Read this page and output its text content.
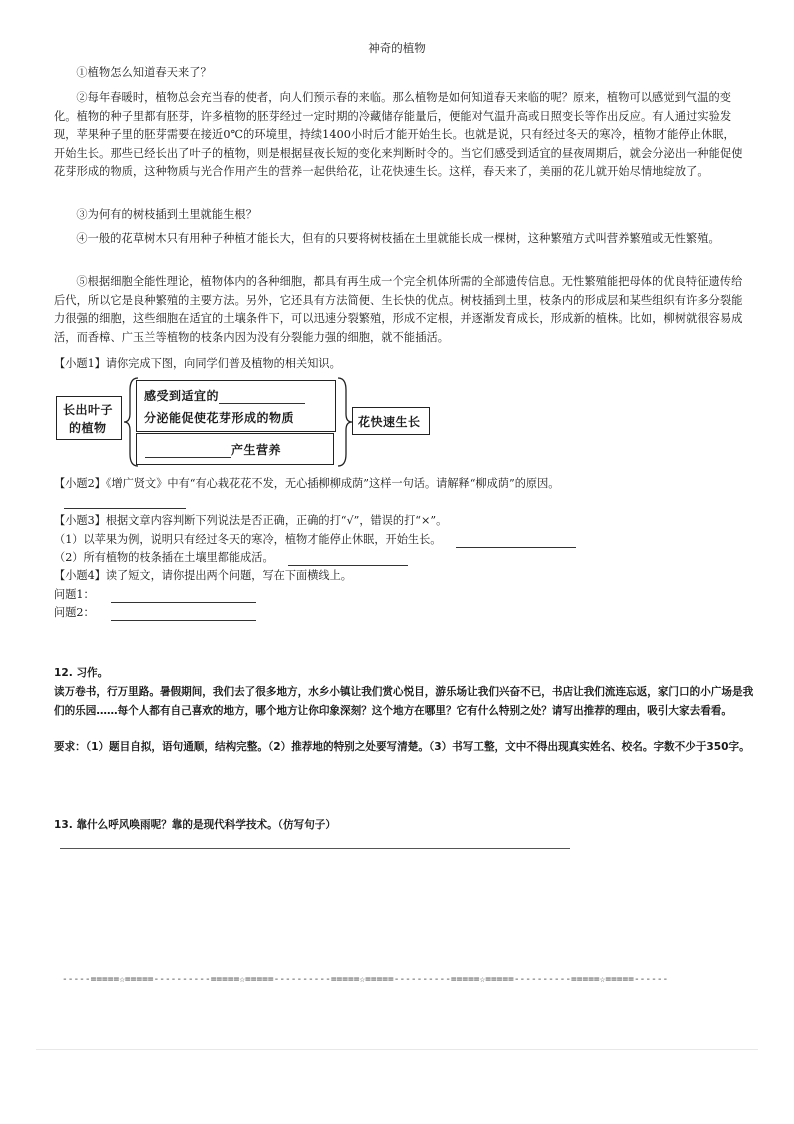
神奇的植物

①植物怎么知道春天来了？

②每年春暖时，植物总会充当春的使者，向人们预示春的来临。那么植物是如何知道春天来临的呢？原来，植物可以感觉到气温的变化。植物的种子里都有胚芽，许多植物的胚芽经过一定时期的冷藏储存能量后，便能对气温升高或日照变长等作出反应。有人通过实验发现，苹果种子里的胚芽需要在接近0℃的环境里，持续1400小时后才能开始生长。也就是说，只有经过冬天的寒冷，植物才能停止休眠，开始生长。那些已经长出了叶子的植物，则是根据昼夜长短的变化来判断时令的。当它们感受到适宜的昼夜周期后，就会分泌出一种能促使花芽形成的物质，这种物质与光合作用产生的营养一起供给花，让花快速生长。这样，春天来了，美丽的花儿就开始尽情地绽放了。

③为何有的树枝插到土里就能生根？

④一般的花草树木只有用种子种植才能长大，但有的只要将树枝插在土里就能长成一棵树，这种繁殖方式叫营养繁殖或无性繁殖。

⑤根据细胞全能性理论，植物体内的各种细胞，都具有再生成一个完全机体所需的全部遗传信息。无性繁殖能把母体的优良特征遗传给后代，所以它是良种繁殖的主要方法。另外，它还具有方法简便、生长快的优点。树枝插到土里，枝条内的形成层和某些组织有许多分裂能力很强的细胞，这些细胞在适宜的土壤条件下，可以迅速分裂繁殖，形成不定根，并逐渐发育成长，形成新的植株。比如，柳树就很容易成活，而香樟、广玉兰等植物的枝条内因为没有分裂能力强的细胞，就不能插活。

【小题1】请你完成下图，向同学们普及植物的相关知识。
长出叶子
的植物
感受到适宜的
分泌能促使花芽形成的物质
产生营养
花快速生长
【小题2】《增广贤文》中有“有心栽花花不发，无心插柳柳成荫”这样一句话。请解释“柳成荫”的原因。
【小题3】根据文章内容判断下列说法是否正确，正确的打“√”，错误的打“×”。
（1）以苹果为例，说明只有经过冬天的寒冷，植物才能停止休眠，开始生长。
（2）所有植物的枝条插在土壤里都能成活。
【小题4】读了短文，请你提出两个问题，写在下面横线上。
问题1：
问题2：
12. 习作。
读万卷书，行万里路。暑假期间，我们去了很多地方，水乡小镇让我们赏心悦目，游乐场让我们兴奋不已，书店让我们流连忘返，家门口的小广场是我们的乐园……每个人都有自己喜欢的地方，哪个地方让你印象深刻？这个地方在哪里？它有什么特别之处？请写出推荐的理由，吸引大家去看看。
要求：（1）题目自拟，语句通顺，结构完整。（2）推荐地的特别之处要写清楚。（3）书写工整，文中不得出现真实姓名、校名。字数不少于350字。
13. 靠什么呼风唤雨呢？靠的是现代科学技术。（仿写句子）
-----=====☆=====----------=====☆=====----------=====☆=====----------=====☆=====----------=====☆=====------
